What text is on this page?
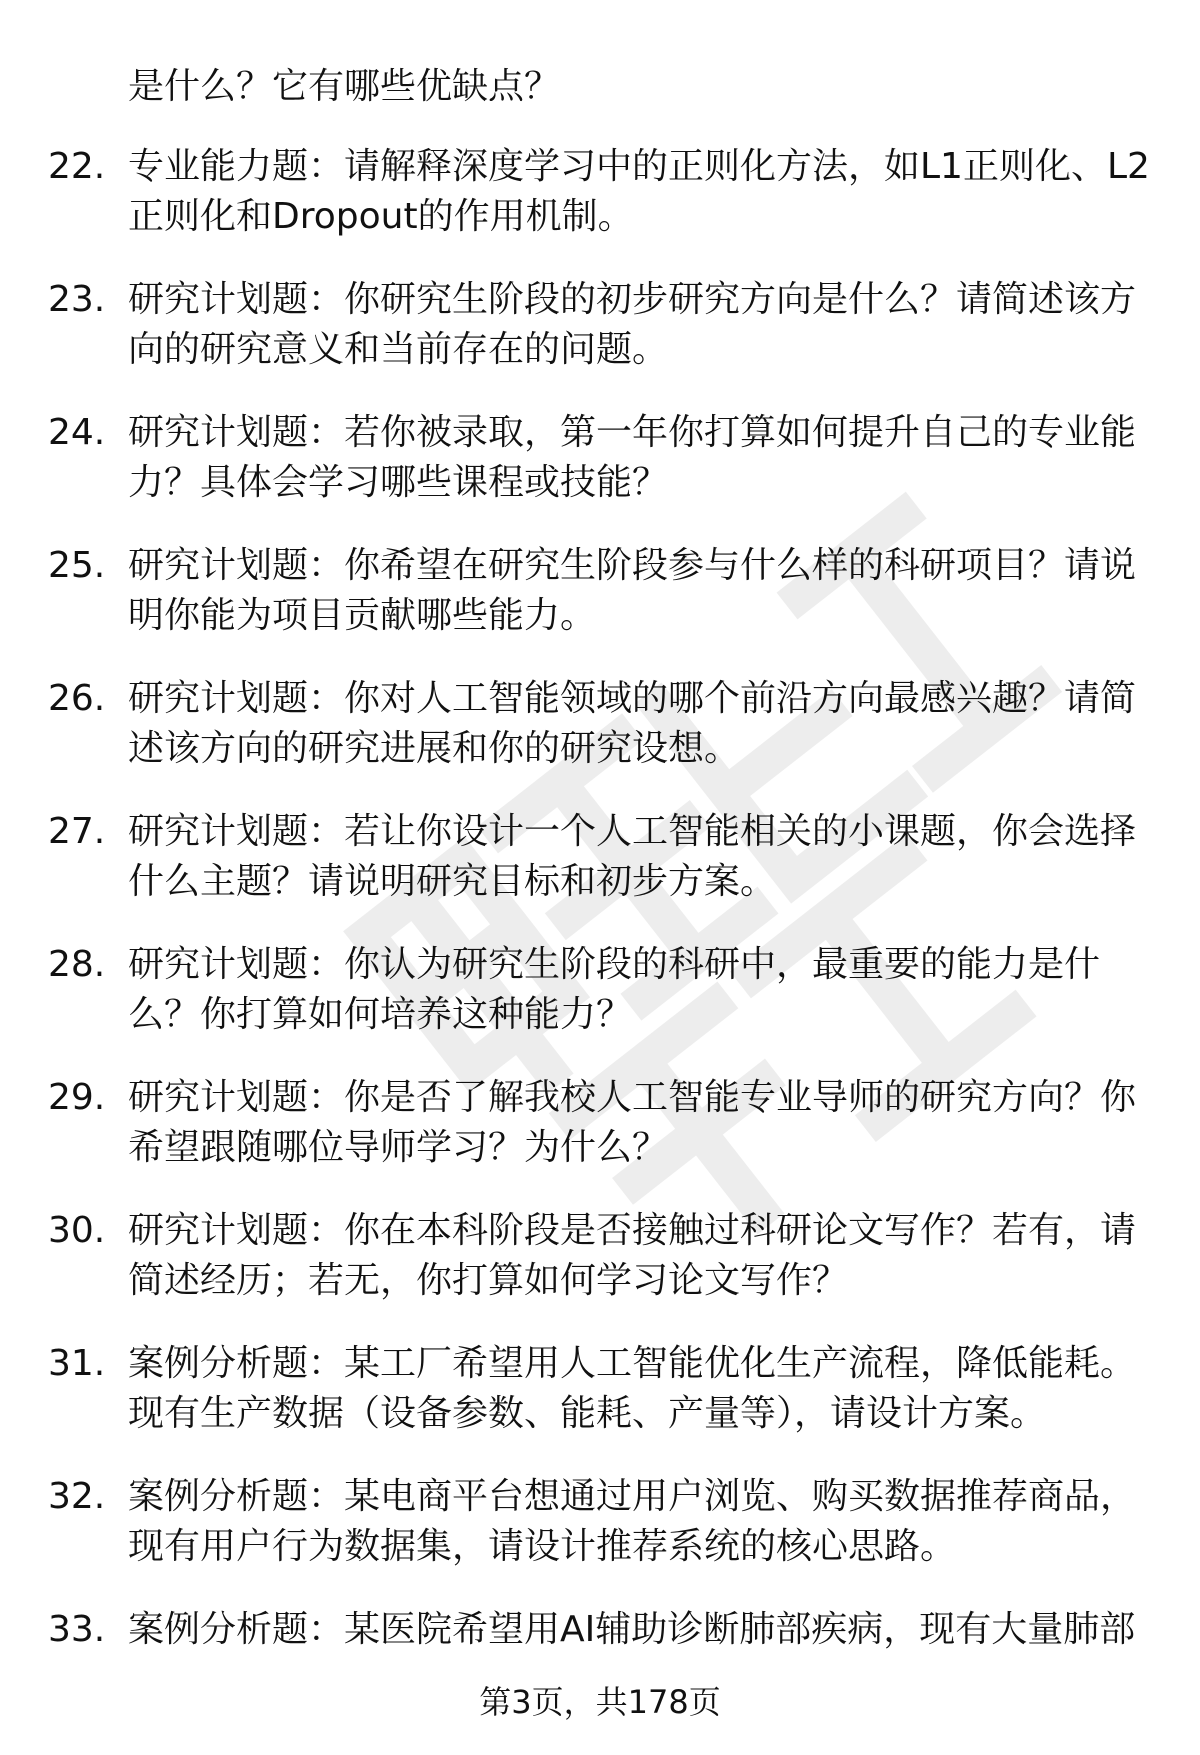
是什么？它有哪些优缺点？
22. 专业能力题：请解释深度学习中的正则化方法，如L1正则化、L2
正则化和Dropout的作用机制。
23. 研究计划题：你研究生阶段的初步研究方向是什么？请简述该方
向的研究意义和当前存在的问题。
24. 研究计划题：若你被录取，第一年你打算如何提升自己的专业能
力？具体会学习哪些课程或技能？
25. 研究计划题：你希望在研究生阶段参与什么样的科研项目？请说
明你能为项目贡献哪些能力。
26. 研究计划题：你对人工智能领域的哪个前沿方向最感兴趣？请简
述该方向的研究进展和你的研究设想。
27. 研究计划题：若让你设计一个人工智能相关的小课题，你会选择
什么主题？请说明研究目标和初步方案。
28. 研究计划题：你认为研究生阶段的科研中，最重要的能力是什
么？你打算如何培养这种能力？
29. 研究计划题：你是否了解我校人工智能专业导师的研究方向？你
希望跟随哪位导师学习？为什么？
30. 研究计划题：你在本科阶段是否接触过科研论文写作？若有，请
简述经历；若无，你打算如何学习论文写作？
31. 案例分析题：某工厂希望用人工智能优化生产流程，降低能耗。
现有生产数据（设备参数、能耗、产量等），请设计方案。
32. 案例分析题：某电商平台想通过用户浏览、购买数据推荐商品，
现有用户行为数据集，请设计推荐系统的核心思路。
33. 案例分析题：某医院希望用AI辅助诊断肺部疾病，现有大量肺部
第3页，共178页
